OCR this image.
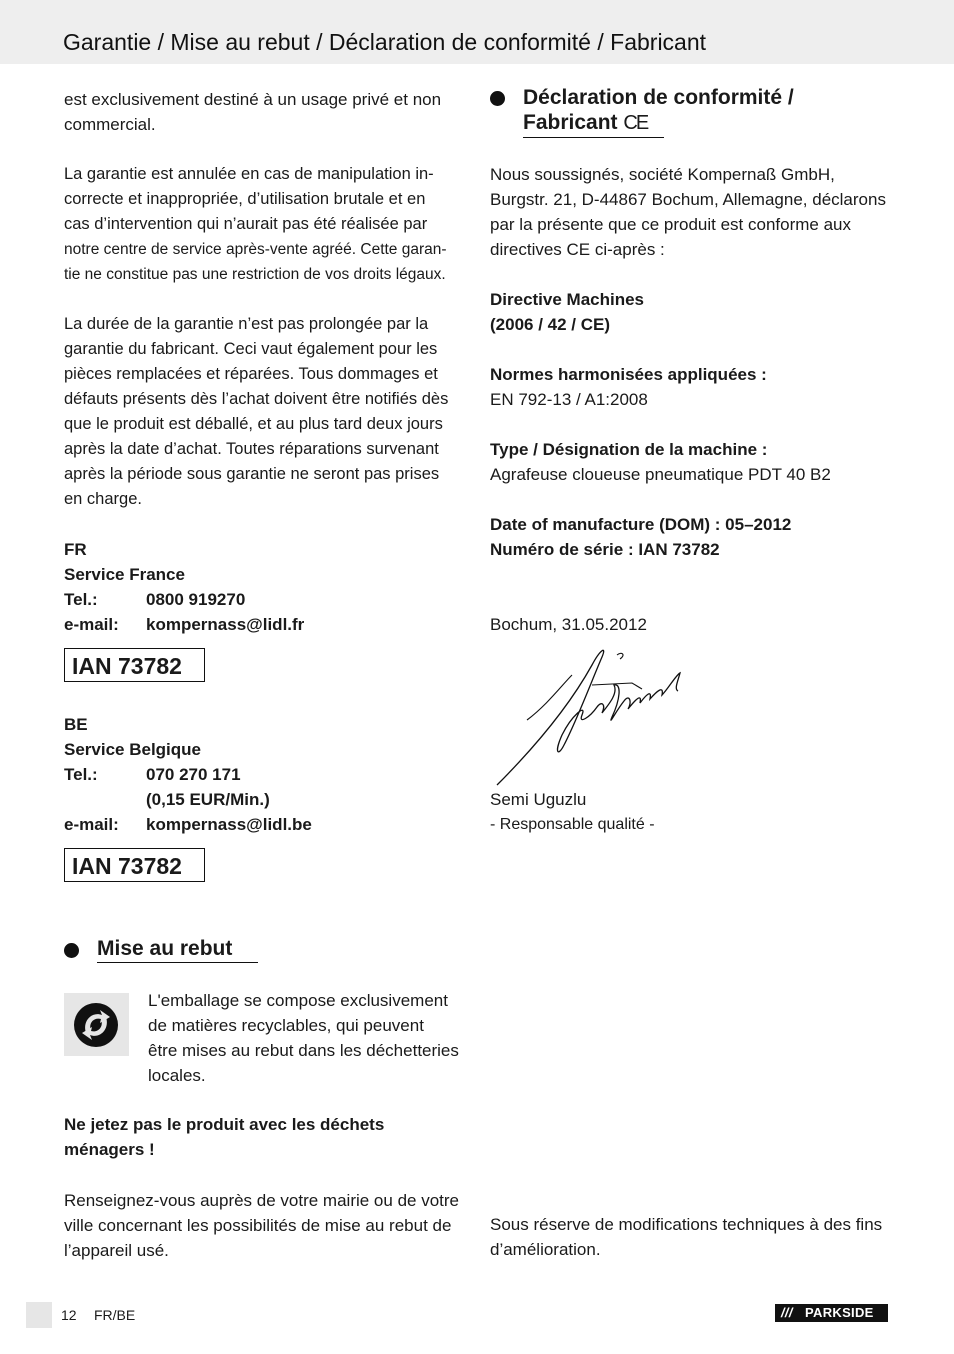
Garantie / Mise au rebut / Déclaration de conformité / Fabricant

est exclusivement destiné à un usage privé et non

commercial.

La garantie est annulée en cas de manipulation in-

correcte et inappropriée, d’utilisation brutale et en

cas d’intervention qui n’aurait pas été réalisée par

notre centre de service après-vente agréé. Cette garan-

tie ne constitue pas une restriction de vos droits légaux.

La durée de la garantie n’est pas prolongée par la

garantie du fabricant. Ceci vaut également pour les

pièces remplacées et réparées. Tous dommages et

défauts présents dès l’achat doivent être notifiés dès

que le produit est déballé, et au plus tard deux jours

après la date d’achat. Toutes réparations survenant

après la période sous garantie ne seront pas prises

en charge.

FR

Service France

Tel.:	0800 919270
e-mail:	kompernass@lidl.fr
IAN 73782

BE

Service Belgique

Tel.:	070 270 171
(0,15 EUR/Min.)
e-mail:	kompernass@lidl.be
IAN 73782
Mise au rebut

L'emballage se compose exclusivement

de matières recyclables, qui peuvent

être mises au rebut dans les déchetteries

locales.

Ne jetez pas le produit avec les déchets

ménagers !

Renseignez-vous auprès de votre mairie ou de votre

ville concernant les possibilités de mise au rebut de

l’appareil usé.

Déclaration de conformité /
Fabricant CE

Nous soussignés, société Kompernaß GmbH,

Burgstr. 21, D-44867 Bochum, Allemagne, déclarons

par la présente que ce produit est conforme aux

directives CE ci-après :

Directive Machines

(2006 / 42 / CE)

Normes harmonisées appliquées :

EN 792-13 / A1:2008

Type / Désignation de la machine :

Agrafeuse cloueuse pneumatique PDT 40 B2

Date of manufacture (DOM) : 05–2012

Numéro de série : IAN 73782

Bochum, 31.05.2012

Semi Uguzlu

- Responsable qualité -

Sous réserve de modifications techniques à des fins

d’amélioration.

12 FR/BE	/// PARKSIDE
